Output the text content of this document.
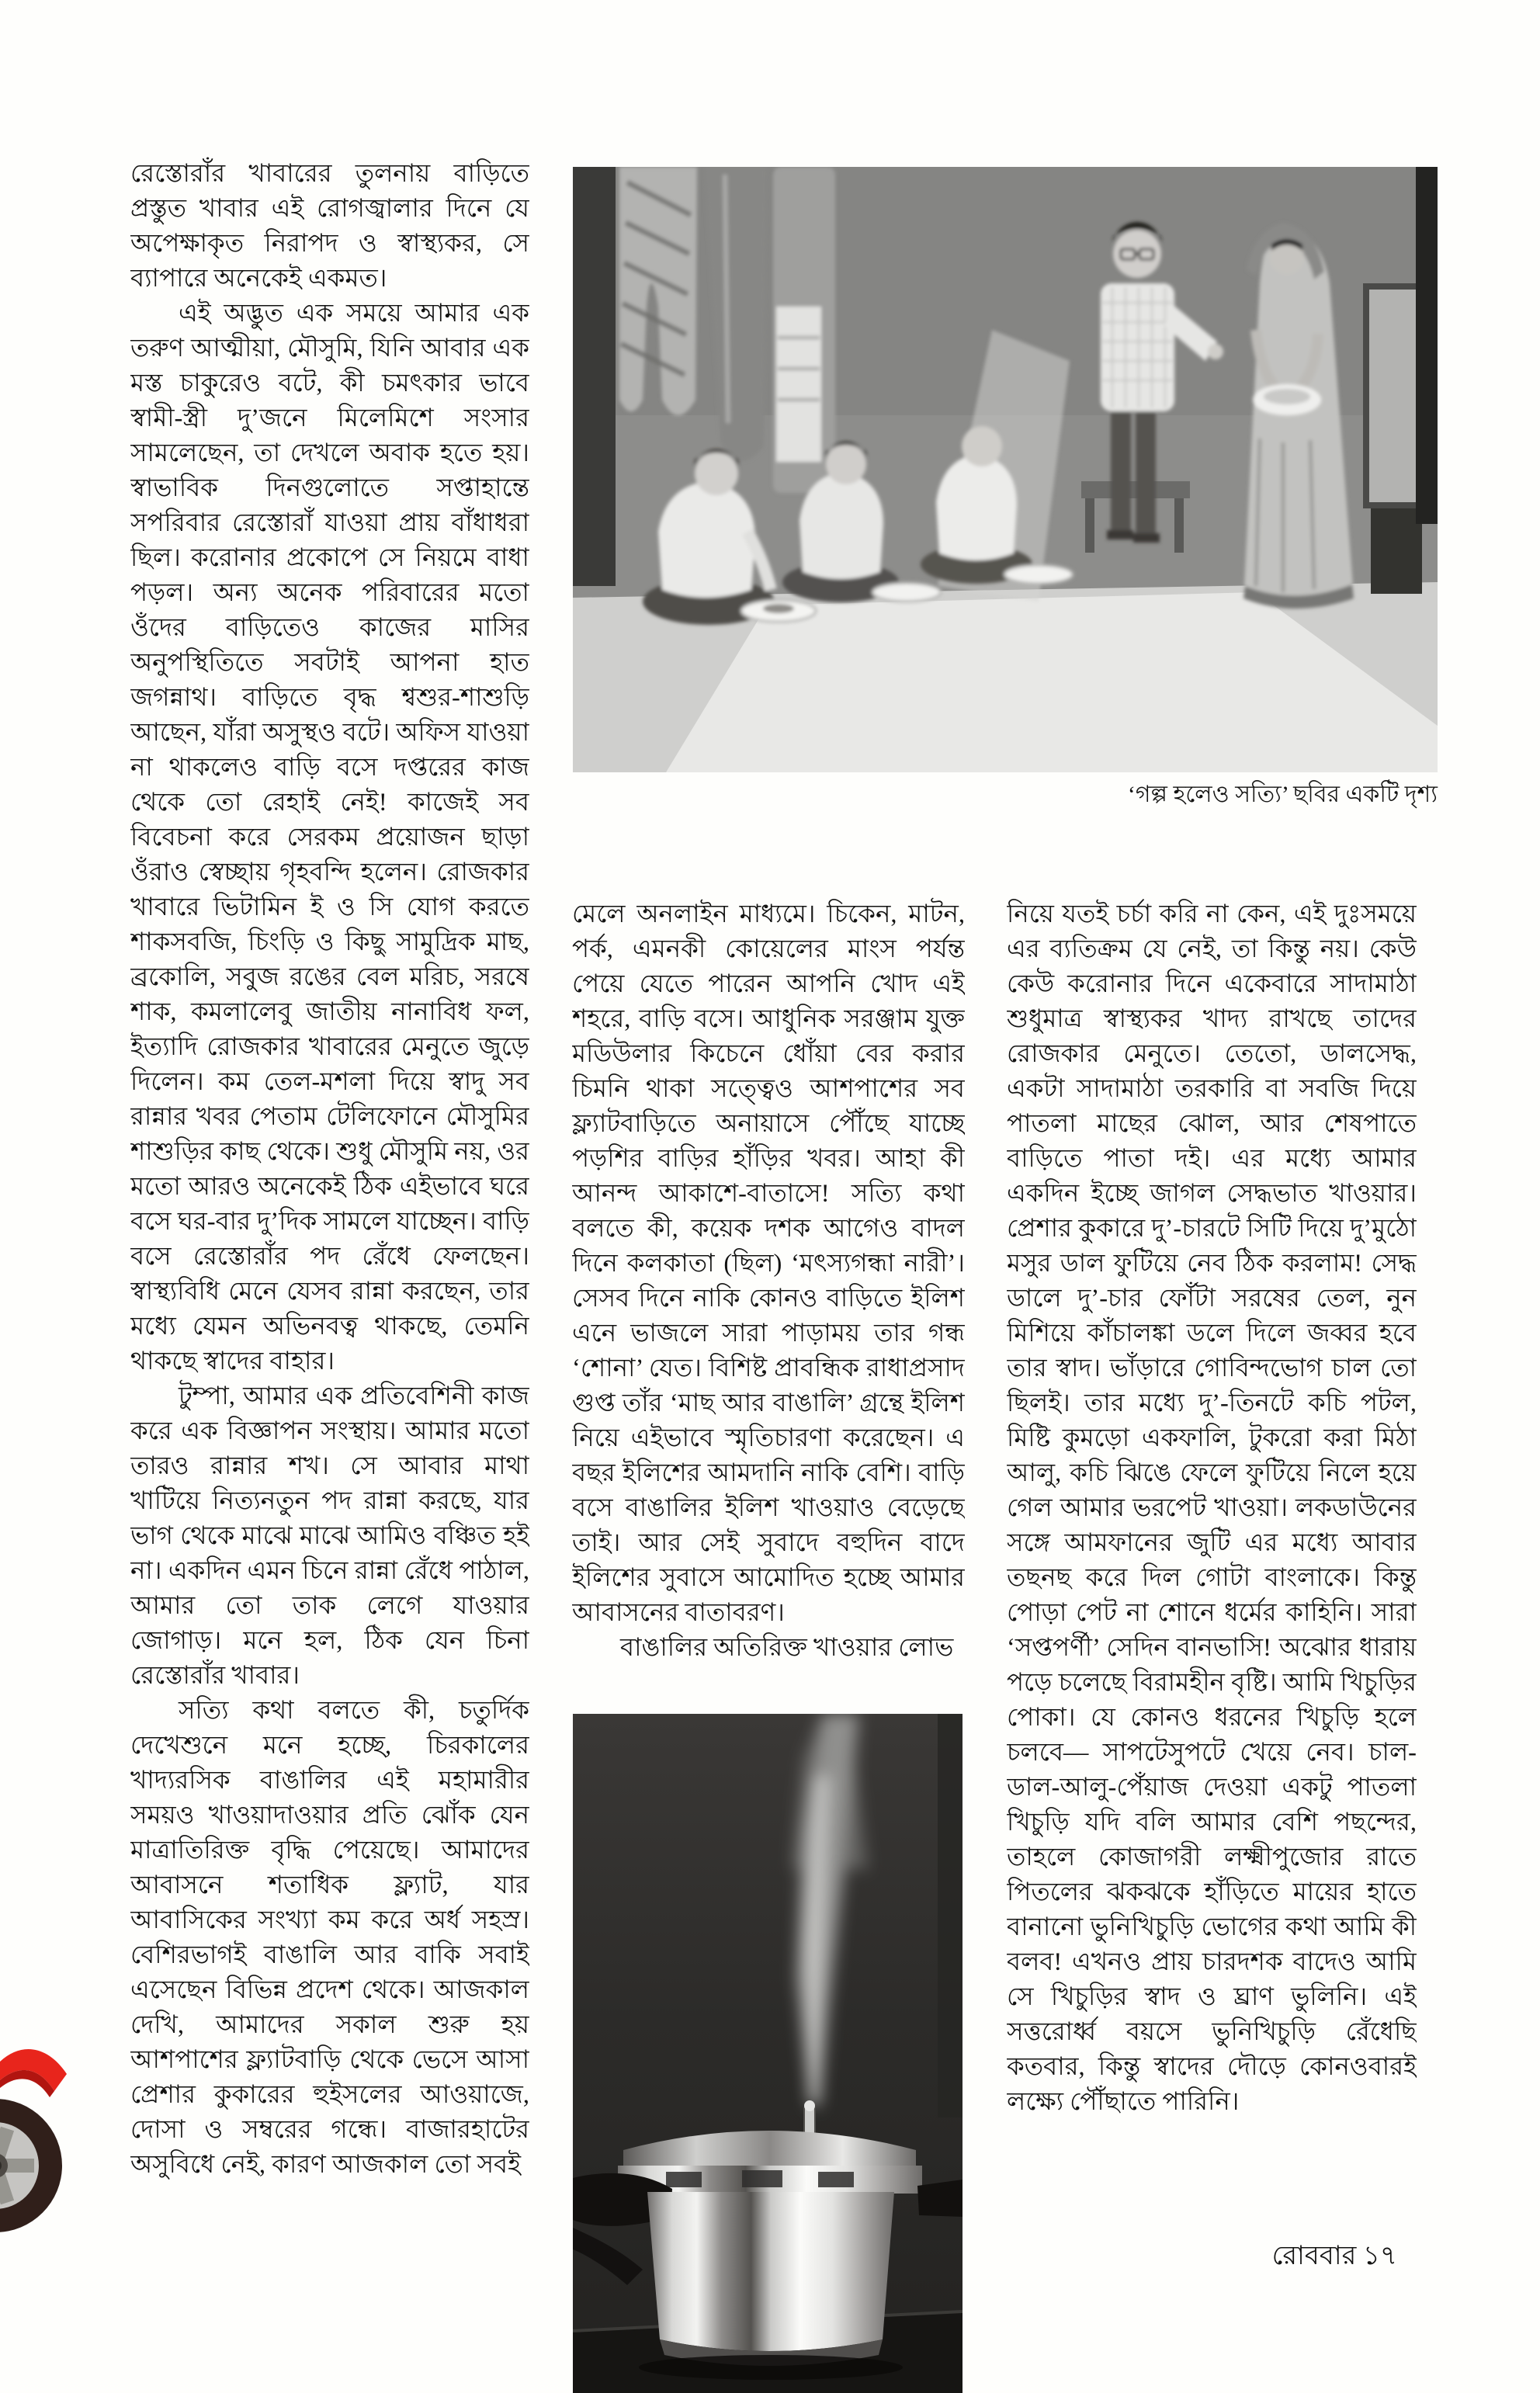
‘গল্প হলেও সত্যি’ ছবির একটি দৃশ্য

রেস্তোরাঁর খাবারের তুলনায় বাড়িতে প্রস্তুত খাবার এই রোগজ্বালার দিনে যে অপেক্ষাকৃত নিরাপদ ও স্বাস্থ্যকর, সে ব্যাপারে অনেকেই একমত।

এই অদ্ভুত এক সময়ে আমার এক তরুণ আত্মীয়া, মৌসুমি, যিনি আবার এক মস্ত চাকুরেও বটে, কী চমৎকার ভাবে স্বামী-স্ত্রী দু’জনে মিলেমিশে সংসার সামলেছেন, তা দেখলে অবাক হতে হয়। স্বাভাবিক দিনগুলোতে সপ্তাহান্তে সপরিবার রেস্তোরাঁ যাওয়া প্রায় বাঁধাধরা ছিল। করোনার প্রকোপে সে নিয়মে বাধা পড়ল। অন্য অনেক পরিবারের মতো ওঁদের বাড়িতেও কাজের মাসির অনুপস্থিতিতে সবটাই আপনা হাত জগন্নাথ। বাড়িতে বৃদ্ধ শ্বশুর-শাশুড়ি আছেন, যাঁরা অসুস্থও বটে। অফিস যাওয়া না থাকলেও বাড়ি বসে দপ্তরের কাজ থেকে তো রেহাই নেই! কাজেই সব বিবেচনা করে সেরকম প্রয়োজন ছাড়া ওঁরাও স্বেচ্ছায় গৃহবন্দি হলেন। রোজকার খাবারে ভিটামিন ই ও সি যোগ করতে শাকসবজি, চিংড়ি ও কিছু সামুদ্রিক মাছ, ব্রকোলি, সবুজ রঙের বেল মরিচ, সরষে শাক, কমলালেবু জাতীয় নানাবিধ ফল, ইত্যাদি রোজকার খাবারের মেনুতে জুড়ে দিলেন। কম তেল-মশলা দিয়ে স্বাদু সব রান্নার খবর পেতাম টেলিফোনে মৌসুমির শাশুড়ির কাছ থেকে। শুধু মৌসুমি নয়, ওর মতো আরও অনেকেই ঠিক এইভাবে ঘরে বসে ঘর-বার দু’দিক সামলে যাচ্ছেন। বাড়ি বসে রেস্তোরাঁর পদ রেঁধে ফেলছেন। স্বাস্থ্যবিধি মেনে যেসব রান্না করছেন, তার মধ্যে যেমন অভিনবত্ব থাকছে, তেমনি থাকছে স্বাদের বাহার।

টুম্পা, আমার এক প্রতিবেশিনী কাজ করে এক বিজ্ঞাপন সংস্থায়। আমার মতো তারও রান্নার শখ। সে আবার মাথা খাটিয়ে নিত্যনতুন পদ রান্না করছে, যার ভাগ থেকে মাঝে মাঝে আমিও বঞ্চিত হই না। একদিন এমন চিনে রান্না রেঁধে পাঠাল, আমার তো তাক লেগে যাওয়ার জোগাড়। মনে হল, ঠিক যেন চিনা রেস্তোরাঁর খাবার।

সত্যি কথা বলতে কী, চতুর্দিক দেখেশুনে মনে হচ্ছে, চিরকালের খাদ্যরসিক বাঙালির এই মহামারীর সময়ও খাওয়াদাওয়ার প্রতি ঝোঁক যেন মাত্রাতিরিক্ত বৃদ্ধি পেয়েছে। আমাদের আবাসনে শতাধিক ফ্ল্যাট, যার আবাসিকের সংখ্যা কম করে অর্ধ সহস্র। বেশিরভাগই বাঙালি আর বাকি সবাই এসেছেন বিভিন্ন প্রদেশ থেকে। আজকাল দেখি, আমাদের সকাল শুরু হয় আশপাশের ফ্ল্যাটবাড়ি থেকে ভেসে আসা প্রেশার কুকারের হুইসলের আওয়াজে, দোসা ও সম্বরের গন্ধে। বাজারহাটের অসুবিধে নেই, কারণ আজকাল তো সবই

মেলে অনলাইন মাধ্যমে। চিকেন, মাটন, পর্ক, এমনকী কোয়েলের মাংস পর্যন্ত পেয়ে যেতে পারেন আপনি খোদ এই শহরে, বাড়ি বসে। আধুনিক সরঞ্জাম যুক্ত মডিউলার কিচেনে ধোঁয়া বের করার চিমনি থাকা সত্ত্বেও আশপাশের সব ফ্ল্যাটবাড়িতে অনায়াসে পৌঁছে যাচ্ছে পড়শির বাড়ির হাঁড়ির খবর। আহা কী আনন্দ আকাশে-বাতাসে! সত্যি কথা বলতে কী, কয়েক দশক আগেও বাদল দিনে কলকাতা (ছিল) ‘মৎস্যগন্ধা নারী’। সেসব দিনে নাকি কোনও বাড়িতে ইলিশ এনে ভাজলে সারা পাড়াময় তার গন্ধ ‘শোনা’ যেত। বিশিষ্ট প্রাবন্ধিক রাধাপ্রসাদ গুপ্ত তাঁর ‘মাছ আর বাঙালি’ গ্রন্থে ইলিশ নিয়ে এইভাবে স্মৃতিচারণা করেছেন। এ বছর ইলিশের আমদানি নাকি বেশি। বাড়ি বসে বাঙালির ইলিশ খাওয়াও বেড়েছে তাই। আর সেই সুবাদে বহুদিন বাদে ইলিশের সুবাসে আমোদিত হচ্ছে আমার আবাসনের বাতাবরণ।

বাঙালির অতিরিক্ত খাওয়ার লোভ

নিয়ে যতই চর্চা করি না কেন, এই দুঃসময়ে এর ব্যতিক্রম যে নেই, তা কিন্তু নয়। কেউ কেউ করোনার দিনে একেবারে সাদামাঠা শুধুমাত্র স্বাস্থ্যকর খাদ্য রাখছে তাদের রোজকার মেনুতে। তেতো, ডালসেদ্ধ, একটা সাদামাঠা তরকারি বা সবজি দিয়ে পাতলা মাছের ঝোল, আর শেষপাতে বাড়িতে পাতা দই। এর মধ্যে আমার একদিন ইচ্ছে জাগল সেদ্ধভাত খাওয়ার। প্রেশার কুকারে দু’-চারটে সিটি দিয়ে দু’মুঠো মসুর ডাল ফুটিয়ে নেব ঠিক করলাম! সেদ্ধ ডালে দু’-চার ফোঁটা সরষের তেল, নুন মিশিয়ে কাঁচালঙ্কা ডলে দিলে জব্বর হবে তার স্বাদ। ভাঁড়ারে গোবিন্দভোগ চাল তো ছিলই। তার মধ্যে দু’-তিনটে কচি পটল, মিষ্টি কুমড়ো একফালি, টুকরো করা মিঠা আলু, কচি ঝিঙে ফেলে ফুটিয়ে নিলে হয়ে গেল আমার ভরপেট খাওয়া। লকডাউনের সঙ্গে আমফানের জুটি এর মধ্যে আবার তছনছ করে দিল গোটা বাংলাকে। কিন্তু পোড়া পেট না শোনে ধর্মের কাহিনি। সারা ‘সপ্তপর্ণী’ সেদিন বানভাসি! অঝোর ধারায় পড়ে চলেছে বিরামহীন বৃষ্টি। আমি খিচুড়ির পোকা। যে কোনও ধরনের খিচুড়ি হলে চলবে— সাপটেসুপটে খেয়ে নেব। চাল-ডাল-আলু-পেঁয়াজ দেওয়া একটু পাতলা খিচুড়ি যদি বলি আমার বেশি পছন্দের, তাহলে কোজাগরী লক্ষ্মীপুজোর রাতে পিতলের ঝকঝকে হাঁড়িতে মায়ের হাতে বানানো ভুনিখিচুড়ি ভোগের কথা আমি কী বলব! এখনও প্রায় চারদশক বাদেও আমি সে খিচুড়ির স্বাদ ও ঘ্রাণ ভুলিনি। এই সত্তরোর্ধ্ব বয়সে ভুনিখিচুড়ি রেঁধেছি কতবার, কিন্তু স্বাদের দৌড়ে কোনওবারই লক্ষ্যে পৌঁছাতে পারিনি।

রোববার ১৭
